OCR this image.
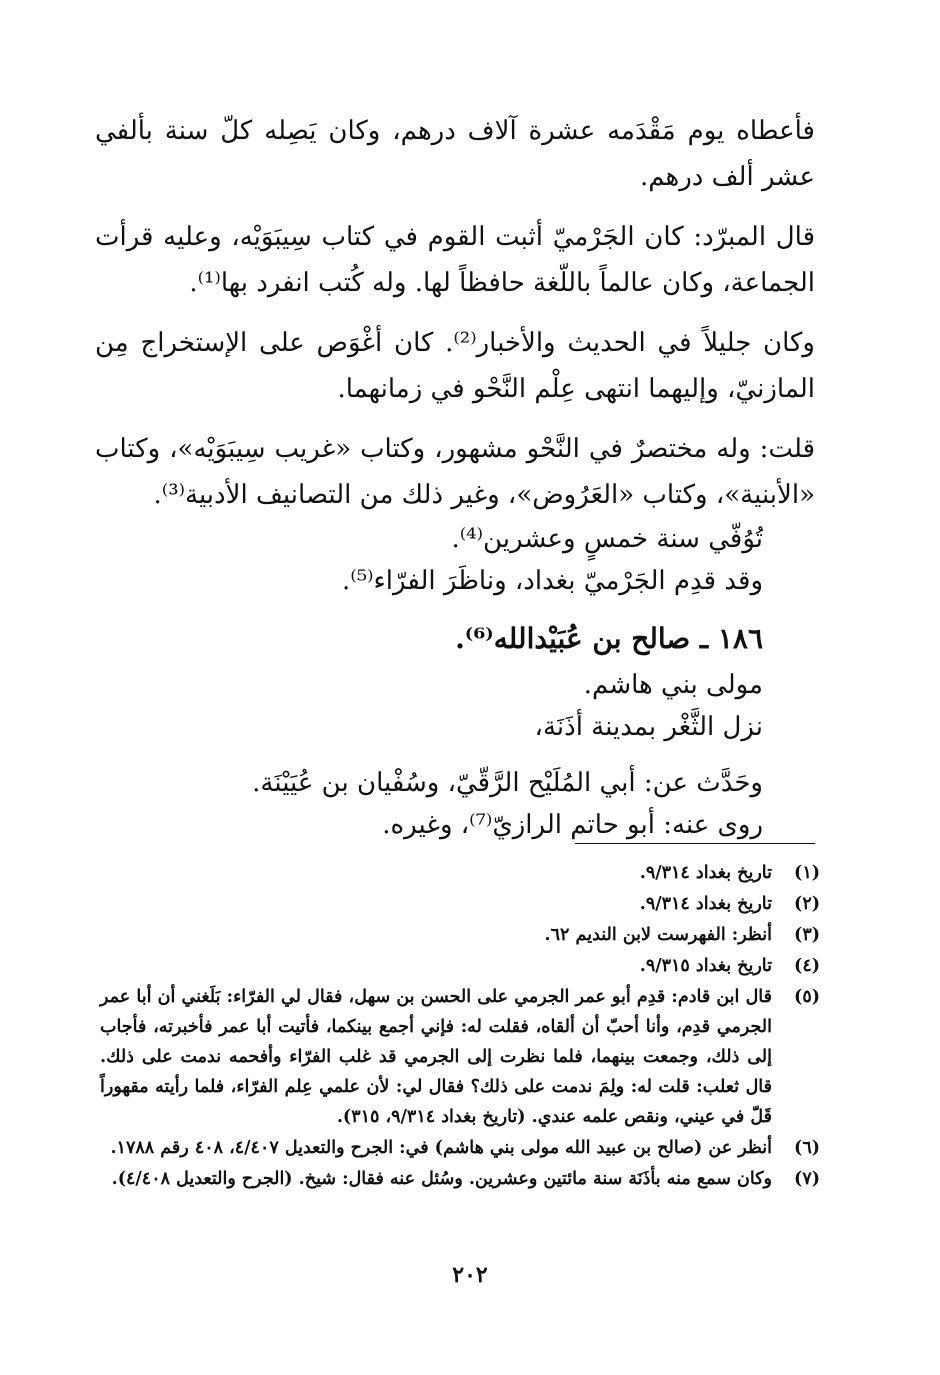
فأعطاه يوم مَقْدَمه عشرة آلاف درهم، وكان يَصِله كلّ سنة بألفي عشر ألف درهم.

قال المبرّد: كان الجَرْميّ أثبت القوم في كتاب سِيبَوَيْه، وعليه قرأت الجماعة، وكان عالماً باللّغة حافظاً لها. وله كُتب انفرد بها⁽¹⁾.

وكان جليلاً في الحديث والأخبار⁽²⁾. كان أغْوَص على الإستخراج مِن المازنيّ، وإليهما انتهى عِلْم النَّحْو في زمانهما.

قلت: وله مختصرٌ في النَّحْو مشهور، وكتاب «غريب سِيبَوَيْه»، وكتاب «الأبنية»، وكتاب «العَرُوض»، وغير ذلك من التصانيف الأدبية⁽³⁾.

تُوُفّي سنة خمسٍ وعشرين⁽⁴⁾.

وقد قدِم الجَرْميّ بغداد، وناظَرَ الفرّاء⁽⁵⁾.

١٨٦ ـ صالح بن عُبَيْدالله⁽⁶⁾.

مولى بني هاشم.

نزل الثَّغْر بمدينة أذَنَة،

وحَدَّث عن: أبي المُلَيْح الرَّقّيّ، وسُفْيان بن عُيَيْنَة.

روى عنه: أبو حاتم الرازيّ⁽⁷⁾، وغيره.

(١)
تاريخ بغداد ٩/٣١٤.
(٢)
تاريخ بغداد ٩/٣١٤.
(٣)
أنظر: الفهرست لابن النديم ٦٢.
(٤)
تاريخ بغداد ٩/٣١٥.
(٥)
قال ابن قادم: قدِم أبو عمر الجرمي على الحسن بن سهل، فقال لي الفرّاء: بَلَغني أن أبا عمر الجرمي قدِم، وأنا أحبّ أن ألقاه، فقلت له: فإني أجمع بينكما، فأتيت أبا عمر فأخبرته، فأجاب إلى ذلك، وجمعت بينهما، فلما نظرت إلى الجرمي قد غلب الفرّاء وأفحمه ندمت على ذلك. قال ثعلب: قلت له: ولِمَ ندمت على ذلك؟ فقال لي: لأن علمي عِلم الفرّاء، فلما رأيته مقهوراً قَلّ في عيني، ونقص علمه عندي. (تاريخ بغداد ٩/٣١٤، ٣١٥).
(٦)
أنظر عن (صالح بن عبيد الله مولى بني هاشم) في: الجرح والتعديل ٤/٤٠٧، ٤٠٨ رقم ١٧٨٨.
(٧)
وكان سمع منه بأذَنَة سنة مائتين وعشرين. وسُئل عنه فقال: شيخ. (الجرح والتعديل ٤/٤٠٨).
٢٠٢
